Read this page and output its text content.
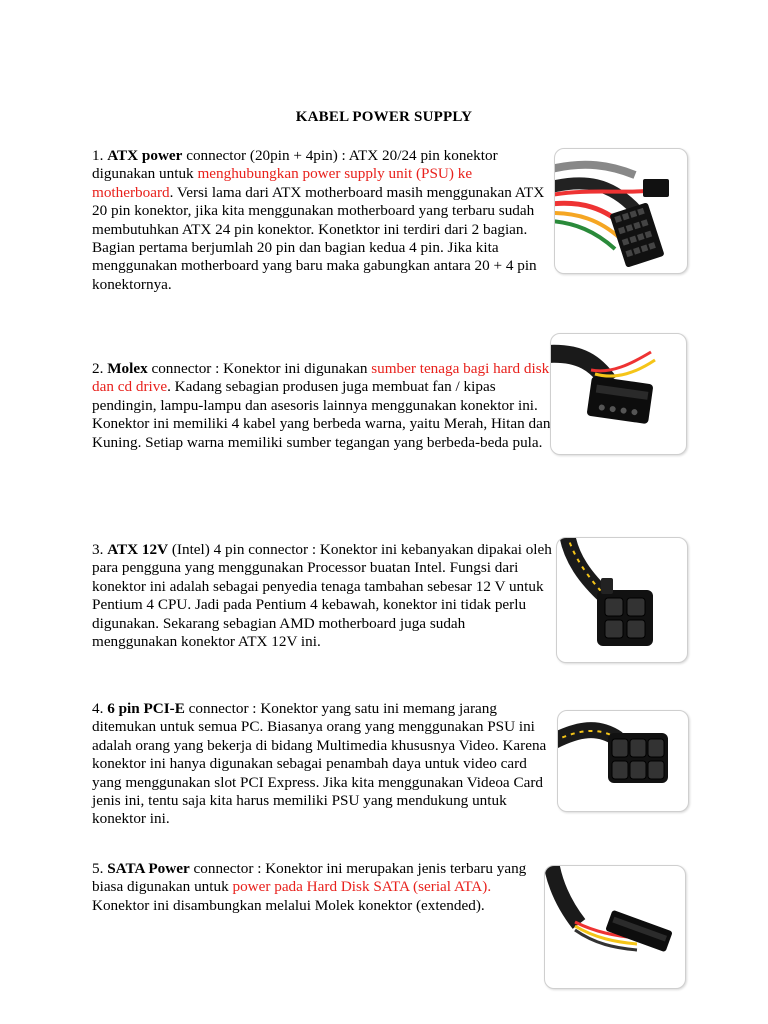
KABEL POWER SUPPLY
1. ATX power connector (20pin + 4pin) : ATX 20/24 pin konektor digunakan untuk menghubungkan power supply unit (PSU) ke motherboard. Versi lama dari ATX motherboard masih menggunakan ATX 20 pin konektor, jika kita menggunakan motherboard yang terbaru sudah membutuhkan ATX 24 pin konektor. Konetktor ini terdiri dari 2 bagian. Bagian pertama berjumlah 20 pin dan bagian kedua 4 pin. Jika kita menggunakan motherboard yang baru maka gabungkan antara 20 + 4 pin konektornya.
2. Molex connector : Konektor ini digunakan sumber tenaga bagi hard disk dan cd drive. Kadang sebagian produsen juga membuat fan / kipas pendingin, lampu-lampu dan asesoris lainnya menggunakan konektor ini. Konektor ini memiliki 4 kabel yang berbeda warna, yaitu Merah, Hitan dan Kuning. Setiap warna memiliki sumber tegangan yang berbeda-beda pula.
3. ATX 12V (Intel) 4 pin connector : Konektor ini kebanyakan dipakai oleh para pengguna yang menggunakan Processor buatan Intel. Fungsi dari konektor ini adalah sebagai penyedia tenaga tambahan sebesar 12 V untuk Pentium 4 CPU. Jadi pada Pentium 4 kebawah, konektor ini tidak perlu digunakan. Sekarang sebagian AMD motherboard juga sudah menggunakan konektor ATX 12V ini.
4. 6 pin PCI-E connector : Konektor yang satu ini memang jarang ditemukan untuk semua PC. Biasanya orang yang menggunakan PSU ini adalah orang yang bekerja di bidang Multimedia khususnya Video. Karena konektor ini hanya digunakan sebagai penambah daya untuk video card yang menggunakan slot PCI Express. Jika kita menggunakan Videoa Card jenis ini, tentu saja kita harus memiliki PSU yang mendukung untuk konektor ini.
5. SATA Power connector : Konektor ini merupakan jenis terbaru yang biasa digunakan untuk power pada Hard Disk SATA (serial ATA). Konektor ini disambungkan melalui Molek konektor (extended).
